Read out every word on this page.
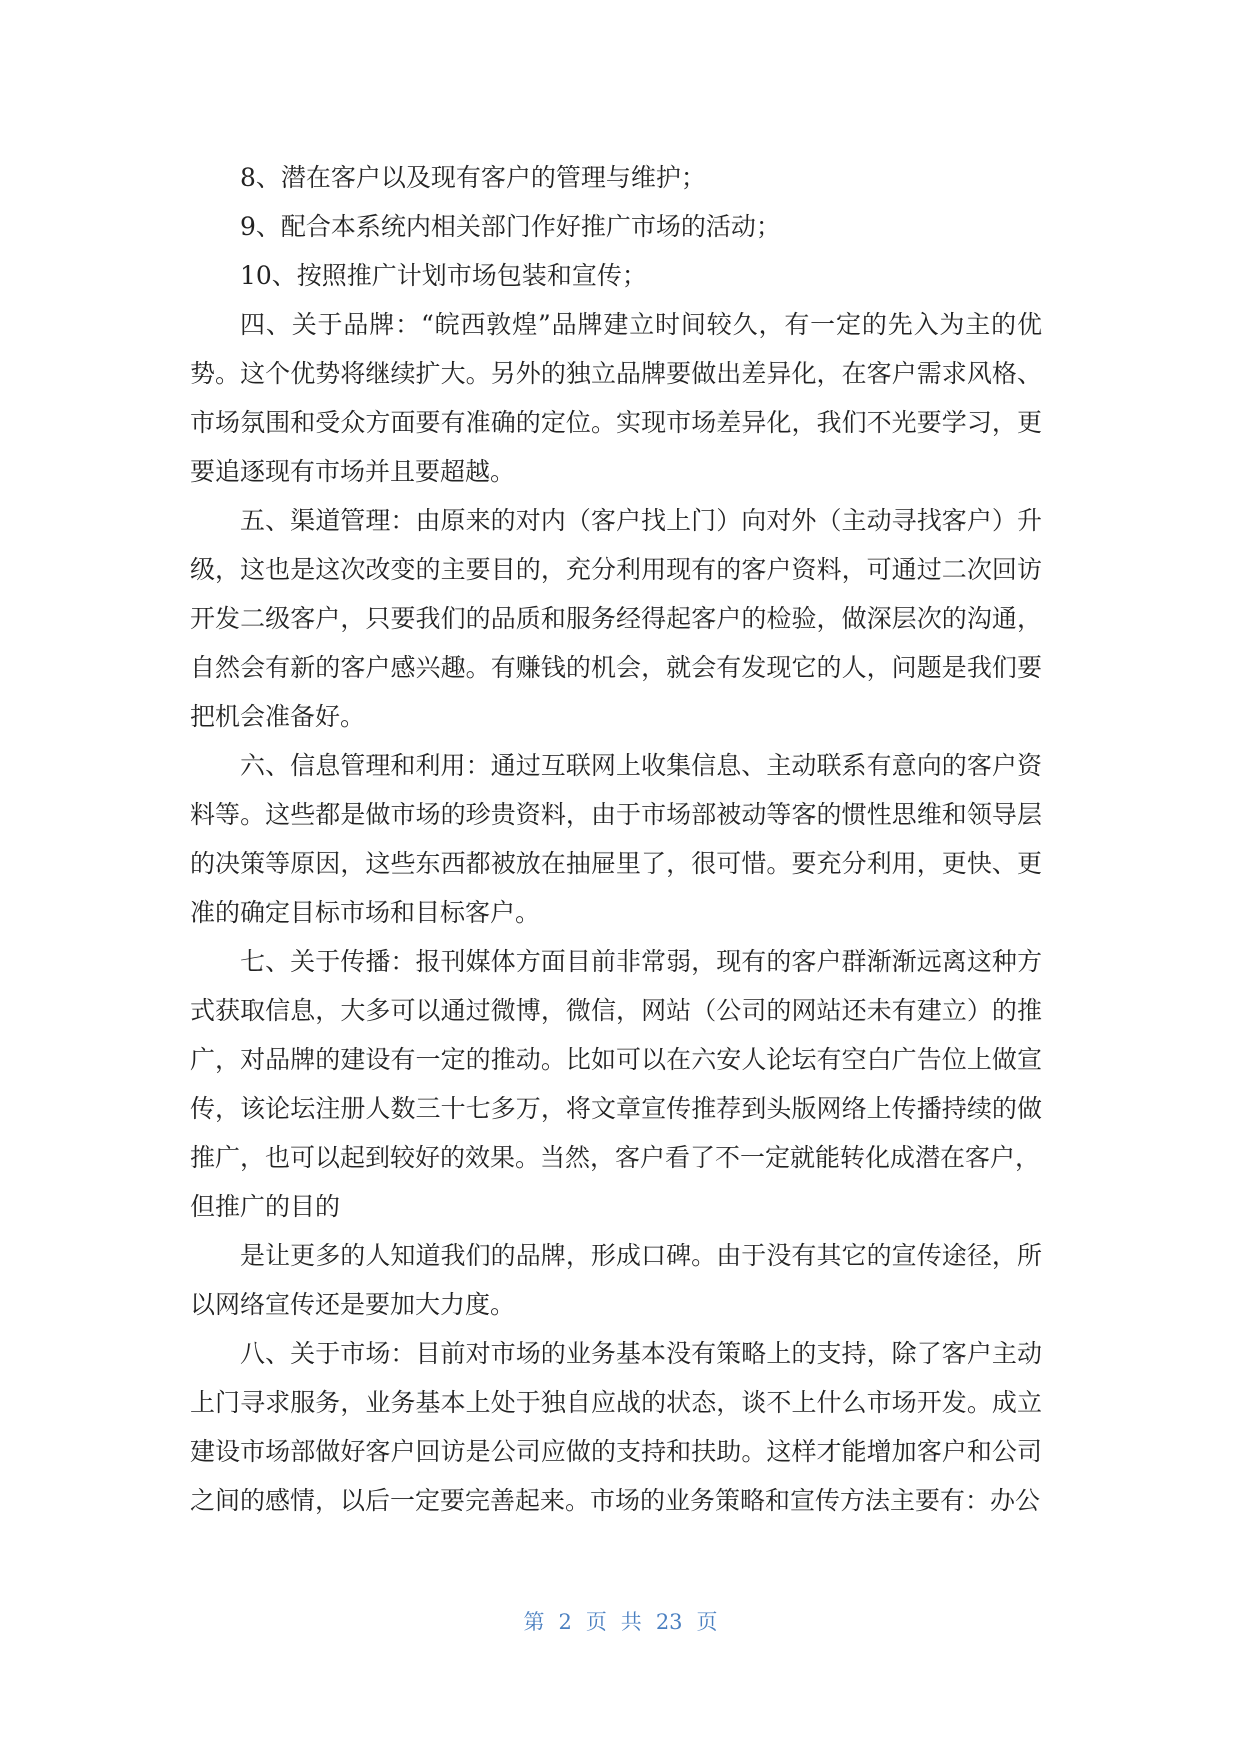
8、潜在客户以及现有客户的管理与维护；

9、配合本系统内相关部门作好推广市场的活动；

10、按照推广计划市场包装和宣传；

四、关于品牌：“皖西敦煌”品牌建立时间较久，有一定的先入为主的优势。这个优势将继续扩大。另外的独立品牌要做出差异化，在客户需求风格、市场氛围和受众方面要有准确的定位。实现市场差异化，我们不光要学习，更要追逐现有市场并且要超越。

五、渠道管理：由原来的对内（客户找上门）向对外（主动寻找客户）升级，这也是这次改变的主要目的，充分利用现有的客户资料，可通过二次回访开发二级客户，只要我们的品质和服务经得起客户的检验，做深层次的沟通，自然会有新的客户感兴趣。有赚钱的机会，就会有发现它的人，问题是我们要把机会准备好。

六、信息管理和利用：通过互联网上收集信息、主动联系有意向的客户资料等。这些都是做市场的珍贵资料，由于市场部被动等客的惯性思维和领导层的决策等原因，这些东西都被放在抽屉里了，很可惜。要充分利用，更快、更准的确定目标市场和目标客户。

七、关于传播：报刊媒体方面目前非常弱，现有的客户群渐渐远离这种方式获取信息，大多可以通过微博，微信，网站（公司的网站还未有建立）的推广，对品牌的建设有一定的推动。比如可以在六安人论坛有空白广告位上做宣传，该论坛注册人数三十七多万，将文章宣传推荐到头版网络上传播持续的做推广，也可以起到较好的效果。当然，客户看了不一定就能转化成潜在客户，

但推广的目的

是让更多的人知道我们的品牌，形成口碑。由于没有其它的宣传途径，所以网络宣传还是要加大力度。

八、关于市场：目前对市场的业务基本没有策略上的支持，除了客户主动上门寻求服务，业务基本上处于独自应战的状态，谈不上什么市场开发。成立建设市场部做好客户回访是公司应做的支持和扶助。这样才能增加客户和公司之间的感情，以后一定要完善起来。市场的业务策略和宣传方法主要有：办公

第 2 页共23 页
